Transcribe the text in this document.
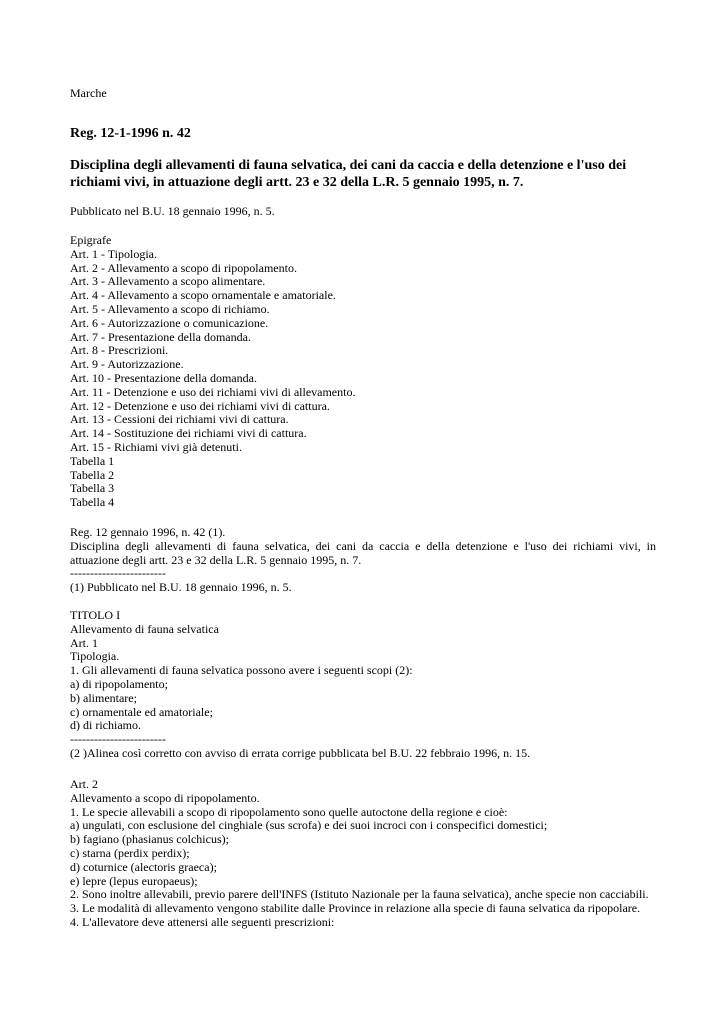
Marche
Reg. 12-1-1996 n. 42
Disciplina degli allevamenti di fauna selvatica, dei cani da caccia e della detenzione e l'uso dei richiami vivi, in attuazione degli artt. 23 e 32 della L.R. 5 gennaio 1995, n. 7.
Pubblicato nel B.U. 18 gennaio 1996, n. 5.
Epigrafe
Art. 1 - Tipologia.
Art. 2 - Allevamento a scopo di ripopolamento.
Art. 3 - Allevamento a scopo alimentare.
Art. 4 - Allevamento a scopo ornamentale e amatoriale.
Art. 5 - Allevamento a scopo di richiamo.
Art. 6 - Autorizzazione o comunicazione.
Art. 7 - Presentazione della domanda.
Art. 8 - Prescrizioni.
Art. 9 - Autorizzazione.
Art. 10 - Presentazione della domanda.
Art. 11 - Detenzione e uso dei richiami vivi di allevamento.
Art. 12 - Detenzione e uso dei richiami vivi di cattura.
Art. 13 - Cessioni dei richiami vivi di cattura.
Art. 14 - Sostituzione dei richiami vivi di cattura.
Art. 15 - Richiami vivi già detenuti.
Tabella 1
Tabella 2
Tabella 3
Tabella 4
Reg. 12 gennaio 1996, n. 42 (1).
Disciplina degli allevamenti di fauna selvatica, dei cani da caccia e della detenzione e l'uso dei richiami vivi, in attuazione degli artt. 23 e 32 della L.R. 5 gennaio 1995, n. 7.
------------------------
(1) Pubblicato nel B.U. 18 gennaio 1996, n. 5.
TITOLO I
Allevamento di fauna selvatica
Art. 1
Tipologia.
1. Gli allevamenti di fauna selvatica possono avere i seguenti scopi (2):
a) di ripopolamento;
b) alimentare;
c) ornamentale ed amatoriale;
d) di richiamo.
------------------------
(2 )Alinea così corretto con avviso di errata corrige pubblicata bel B.U. 22 febbraio 1996, n. 15.
Art. 2
Allevamento a scopo di ripopolamento.
1. Le specie allevabili a scopo di ripopolamento sono quelle autoctone della regione e cioè:
a) ungulati, con esclusione del cinghiale (sus scrofa) e dei suoi incroci con i conspecifici domestici;
b) fagiano (phasianus colchicus);
c) starna (perdix perdix);
d) coturnice (alectoris graeca);
e) lepre (lepus europaeus);
2. Sono inoltre allevabili, previo parere dell'INFS (Istituto Nazionale per la fauna selvatica), anche specie non cacciabili.
3. Le modalità di allevamento vengono stabilite dalle Province in relazione alla specie di fauna selvatica da ripopolare.
4. L'allevatore deve attenersi alle seguenti prescrizioni:
